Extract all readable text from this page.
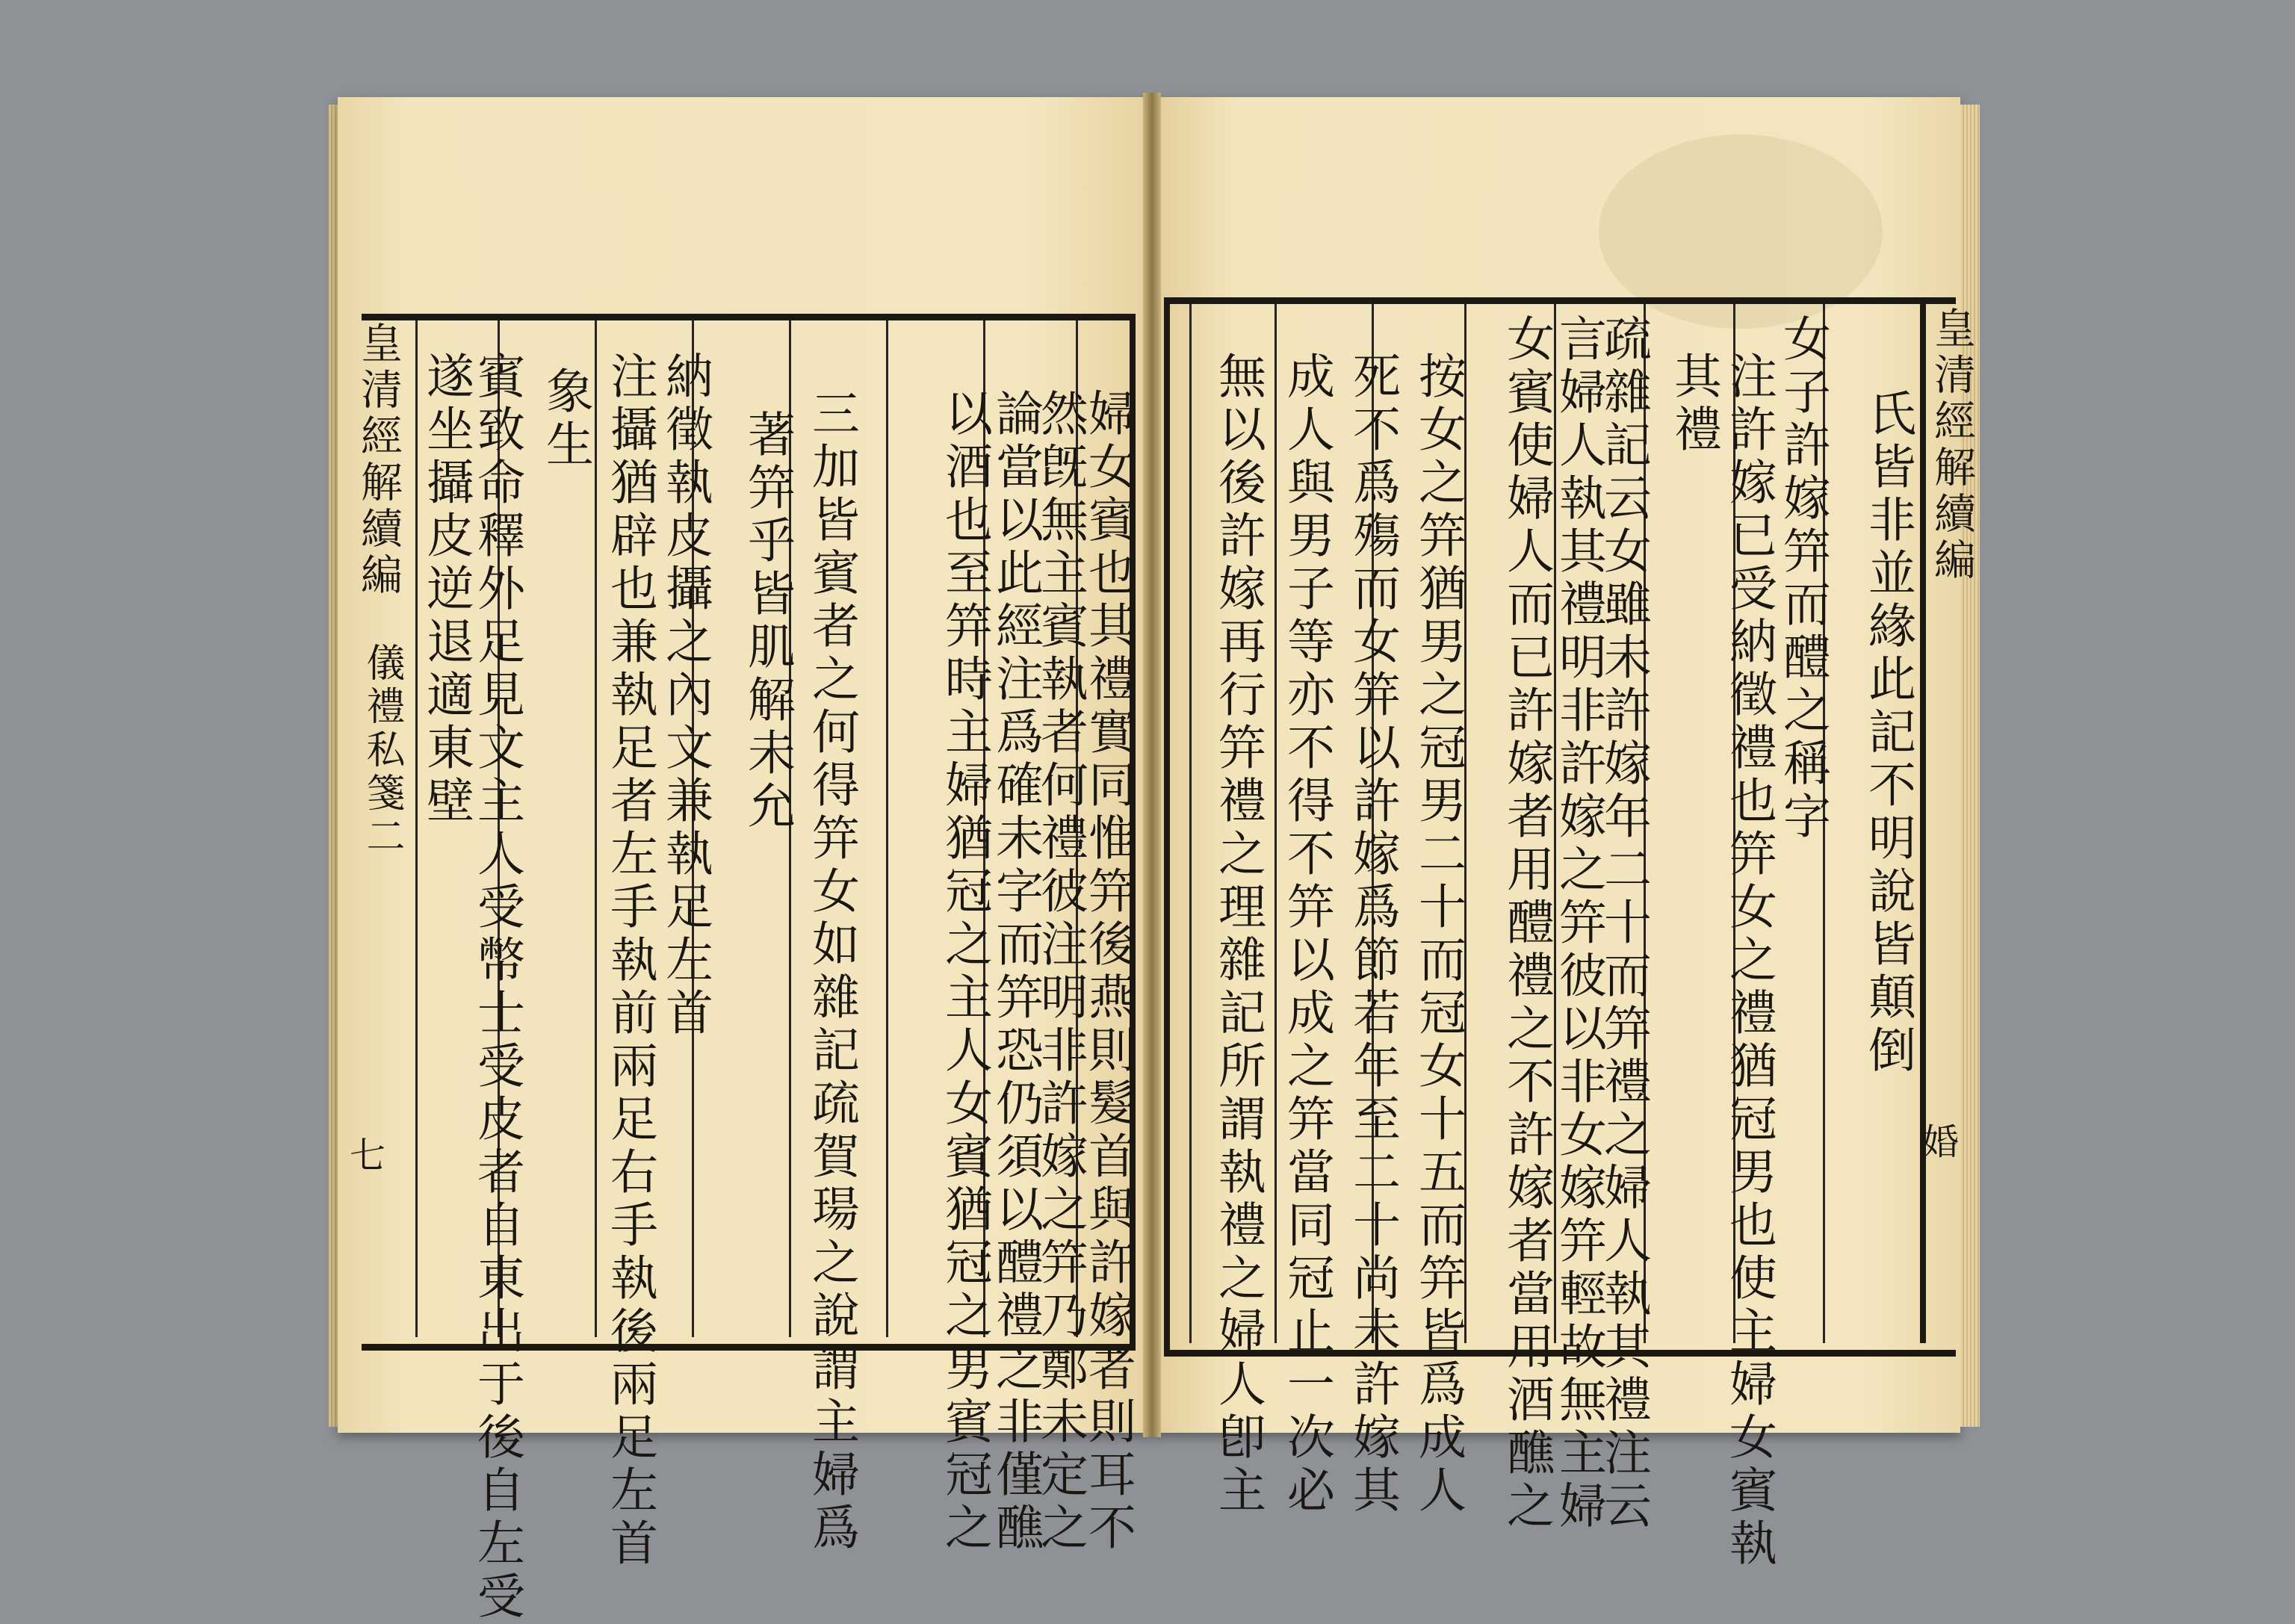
婦女賓也其禮實同惟笄後燕則髮首與許嫁者則耳不
然旣無主賓執者何禮彼注明非許嫁之笄乃鄭未定之
論當以此經注爲確未字而笄恐仍須以醴禮之非僅醮
以酒也至笄時主婦猶冠之主人女賓猶冠之男賓冠之
三加皆賓者之何得笄女如雜記疏賀瑒之說謂主婦爲
著笄乎皆肌解未允
納徵執皮攝之內文兼執足左首
注攝猶辟也兼執足者左手執前兩足右手執後兩足左首
象生
賓致命釋外足見文主人受幣士受皮者自東出于後自左受
遂坐攝皮逆退適東壁
皇清經解續編
儀禮私箋二
七
氏皆非並緣此記不明說皆顛倒
女子許嫁笄而醴之稱字
注許嫁已受納徵禮也笄女之禮猶冠男也使主婦女賓執
其禮
疏雜記云女雖未許嫁年二十而笄禮之婦人執其禮注云
言婦人執其禮明非許嫁之笄彼以非女嫁笄輕故無主婦
女賓使婦人而已許嫁者用醴禮之不許嫁者當用酒醮之
按女之笄猶男之冠男二十而冠女十五而笄皆爲成人
死不爲殤而女笄以許嫁爲節若年至二十尚未許嫁其
成人與男子等亦不得不笄以成之笄當同冠止一次必
無以後許嫁再行笄禮之理雜記所謂執禮之婦人卽主	皇清經解續編
婚
